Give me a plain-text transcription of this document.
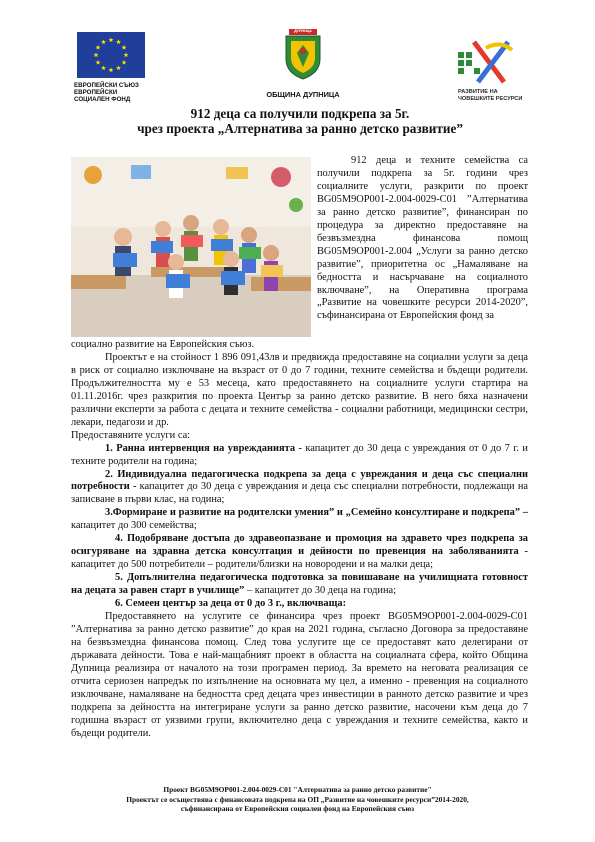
ЕВРОПЕЙСКИ СЪЮЗ
ЕВРОПЕЙСКИ
СОЦИАЛЕН ФОНД
ДУПНИЦА
ОБЩИНА ДУПНИЦА	РАЗВИТИЕ НА
ЧОВЕШКИТЕ РЕСУРСИ
912 деца са получили подкрепа за 5г.
чрез проекта „Алтернатива за ранно детско развитие”

912 деца и техните семейства са получили подкрепа за 5г. години чрез социалните услуги, разкрити по проект BG05M9OP001-2.004-0029-C01 ”Алтернатива за ранно детско развитие”, финансиран по процедура за директно предоставяне на безвъзмездна финансова помощ BG05M9OP001-2.004 „Услуги за ранно детско развитие”, приоритетна ос „Намаляване на бедността и насърчаване на социалното включване”, на Оперативна програма „Развитие на човешките ресурси 2014-2020”, съфинансирана от Европейския фонд за

социално развитие на Европейския съюз.

Проектът е на стойност 1 896 091,43лв и предвижда предоставяне на социални услуги за деца в риск от социално изключване на възраст от 0 до 7 години, техните семейства и бъдещи родители. Продължителността му е 53 месеца, като предоставянето на социалните услуги стартира на 01.11.2016г. чрез разкрития по проекта Център за ранно детско развитие. В него бяха назначени различни експерти за работа с децата и техните семейства - социални работници, медицински сестри, лекари, педагози и др.

Предоставяните услуги са:

1. Ранна интервенция на уврежданията - капацитет до 30 деца с увреждания от 0 до 7 г. и техните родители на година;

2. Индивидуална педагогическа подкрепа за деца с увреждания и деца със специални потребности - капацитет до 30 деца с увреждания и деца със специални потребности, подлежащи на записване в първи клас, на година;

3.Формиране и развитие на родителски умения” и „Семейно консултиране и подкрепа” – капацитет до 300 семейства;

4. Подобряване достъпа до здравеопазване и промоция на здравето чрез подкрепа за осигуряване на здравна детска консултация и дейности по превенция на заболяванията - капацитет до 500 потребители – родители/близки на новородени и на малки деца;

5. Допълнителна педагогическа подготовка за повишаване на училищната готовност на децата за равен старт в училище” – капацитет до 30 деца на година;

6. Семеен център за деца от 0 до 3 г., включваща:

Предоставянето на услугите се финансира чрез проект BG05M9OP001-2.004-0029-C01 ”Алтернатива за ранно детско развитие” до края на 2021 година, съгласно Договора за предоставяне на безвъзмездна финансова помощ. След това услугите ще се предоставят като делегирани от държавата дейности. Това е най-мащабният проект в областта на социалната сфера, който Община Дупница реализира от началото на този програмен период. За времето на неговата реализация се отчита сериозен напредък по изпълнение на основната му цел, а именно - превенция на социалното изключване, намаляване на бедността сред децата чрез инвестиции в ранното детско развитие и чрез подкрепа за дейността на интегриране услуги за ранно детско развитие, насочени към деца до 7 годишна възраст от уязвими групи, включително деца с увреждания и техните семейства, както и бъдещи родители.

Проект BG05M9OP001-2.004-0029-C01 "Алтернатива за ранно детско развитие"
Проектът се осъществява с финансовата подкрепа на ОП „Развитие на човешките ресурси”2014-2020,
съфинансирана от Европейския социален фонд на Европейския съюз
